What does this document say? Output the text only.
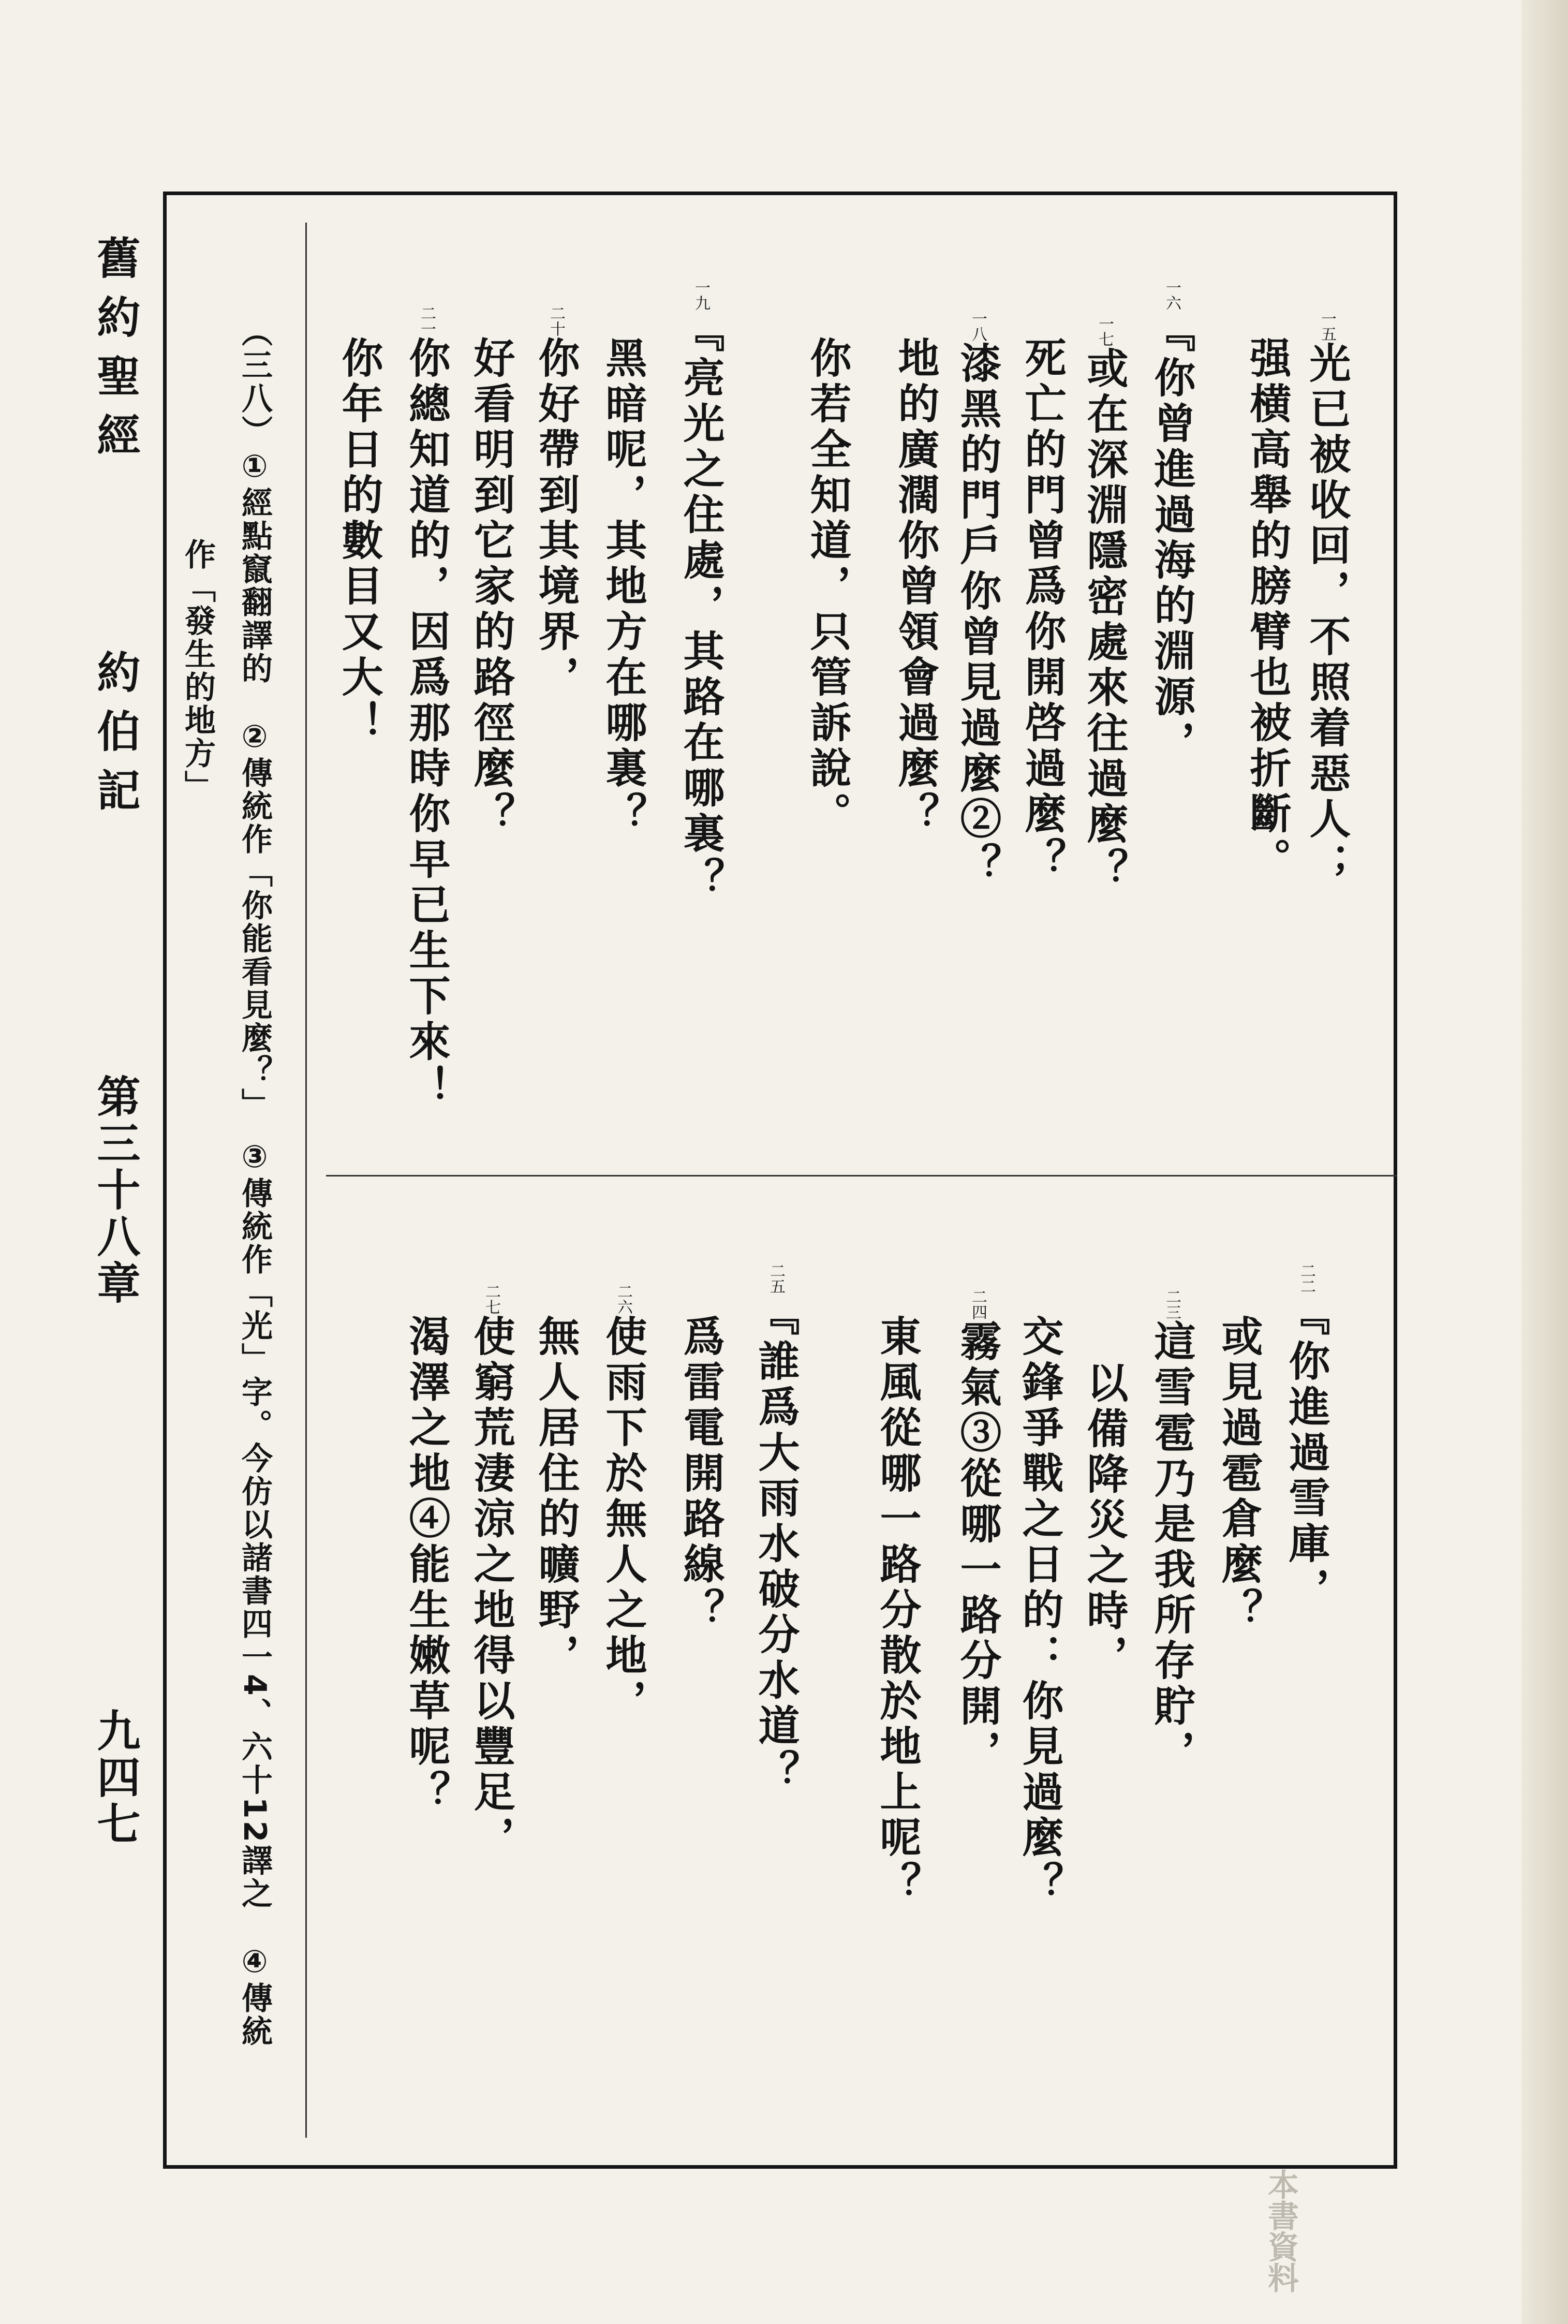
舊約聖經
約伯記
第三十八章
九四七
一五光已被收回，不照着惡人；
强横高舉的膀臂也被折斷。
一六『你曾進過海的淵源，
一七或在深淵隱密處來往過麼？
死亡的門曾爲你開啓過麼？
一八漆黑的門戶你曾見過麼②？
地的廣濶你曾領會過麼？
你若全知道，只管訴說。
一九『亮光之住處，其路在哪裏？
黑暗呢，其地方在哪裏？
二十你好帶到其境界，
好看明到它家的路徑麼？
二一你總知道的，因爲那時你早已生下來！
你年日的數目又大！
二二『你進過雪庫，
或見過雹倉麼？
二三這雪雹乃是我所存貯，
以備降災之時，
交鋒爭戰之日的：你見過麼？
二四霧氣③從哪一路分開，
東風從哪一路分散於地上呢？
二五『誰爲大雨水破分水道？
爲雷電開路線？
二六使雨下於無人之地，
無人居住的曠野，
二七使窮荒淒涼之地得以豐足，
渴澤之地④能生嫩草呢？
（三八）①經點竄翻譯的　②傳統作「你能看見麼？」　③傳統作「光」字。今仿以諸書四一4、六十12譯之　④傳統
作「發生的地方」
本書資料
